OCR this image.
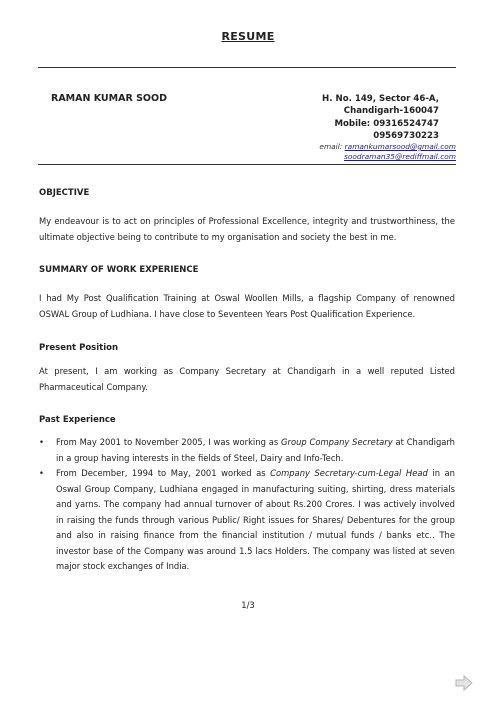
RESUME
RAMAN KUMAR SOOD	H. No. 149, Sector 46-A,
Chandigarh-160047
Mobile: 09316524747
09569730223
email: ramankumarsood@gmail.com
soodraman35@rediffmail.com
OBJECTIVE

My endeavour is to act on principles of Professional Excellence, integrity and trustworthiness, the ultimate objective being to contribute to my organisation and society the best in me.

SUMMARY OF WORK EXPERIENCE

I had My Post Qualification Training at Oswal Woollen Mills, a flagship Company of renowned OSWAL Group of Ludhiana. I have close to Seventeen Years Post Qualification Experience.

Present Position

At present, I am working as Company Secretary at Chandigarh in a well reputed Listed Pharmaceutical Company.

Past Experience
• From May 2001 to November 2005, I was working as Group Company Secretary at Chandigarh in a group having interests in the fields of Steel, Dairy and Info-Tech.
• From December, 1994 to May, 2001 worked as Company Secretary-cum-Legal Head in an Oswal Group Company, Ludhiana engaged in manufacturing suiting, shirting, dress materials and yarns. The company had annual turnover of about Rs.200 Crores. I was actively involved in raising the funds through various Public/ Right issues for Shares/ Debentures for the group and also in raising finance from the financial institution / mutual funds / banks etc.. The investor base of the Company was around 1.5 lacs Holders. The company was listed at seven major stock exchanges of India.
1/3
